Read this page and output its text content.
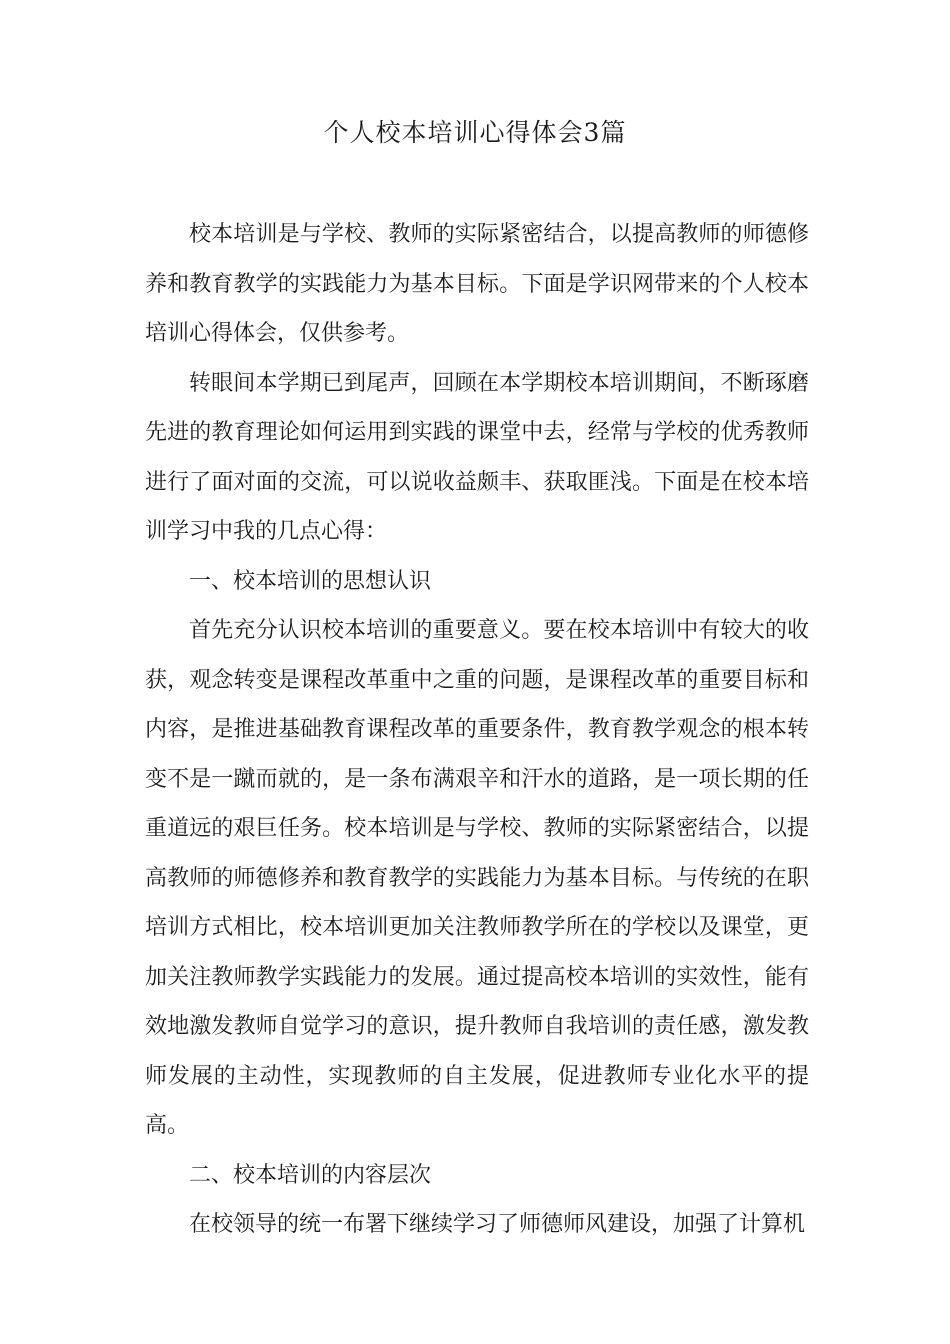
个人校本培训心得体会3篇

校本培训是与学校、教师的实际紧密结合，以提高教师的师德修养和教育教学的实践能力为基本目标。下面是学识网带来的个人校本培训心得体会，仅供参考。

转眼间本学期已到尾声，回顾在本学期校本培训期间，不断琢磨先进的教育理论如何运用到实践的课堂中去，经常与学校的优秀教师进行了面对面的交流，可以说收益颇丰、获取匪浅。下面是在校本培训学习中我的几点心得：

一、校本培训的思想认识

首先充分认识校本培训的重要意义。要在校本培训中有较大的收获，观念转变是课程改革重中之重的问题，是课程改革的重要目标和内容，是推进基础教育课程改革的重要条件，教育教学观念的根本转变不是一蹴而就的，是一条布满艰辛和汗水的道路，是一项长期的任重道远的艰巨任务。校本培训是与学校、教师的实际紧密结合，以提高教师的师德修养和教育教学的实践能力为基本目标。与传统的在职培训方式相比，校本培训更加关注教师教学所在的学校以及课堂，更加关注教师教学实践能力的发展。通过提高校本培训的实效性，能有效地激发教师自觉学习的意识，提升教师自我培训的责任感，激发教师发展的主动性，实现教师的自主发展，促进教师专业化水平的提高。

二、校本培训的内容层次

在校领导的统一布署下继续学习了师德师风建设，加强了计算机
